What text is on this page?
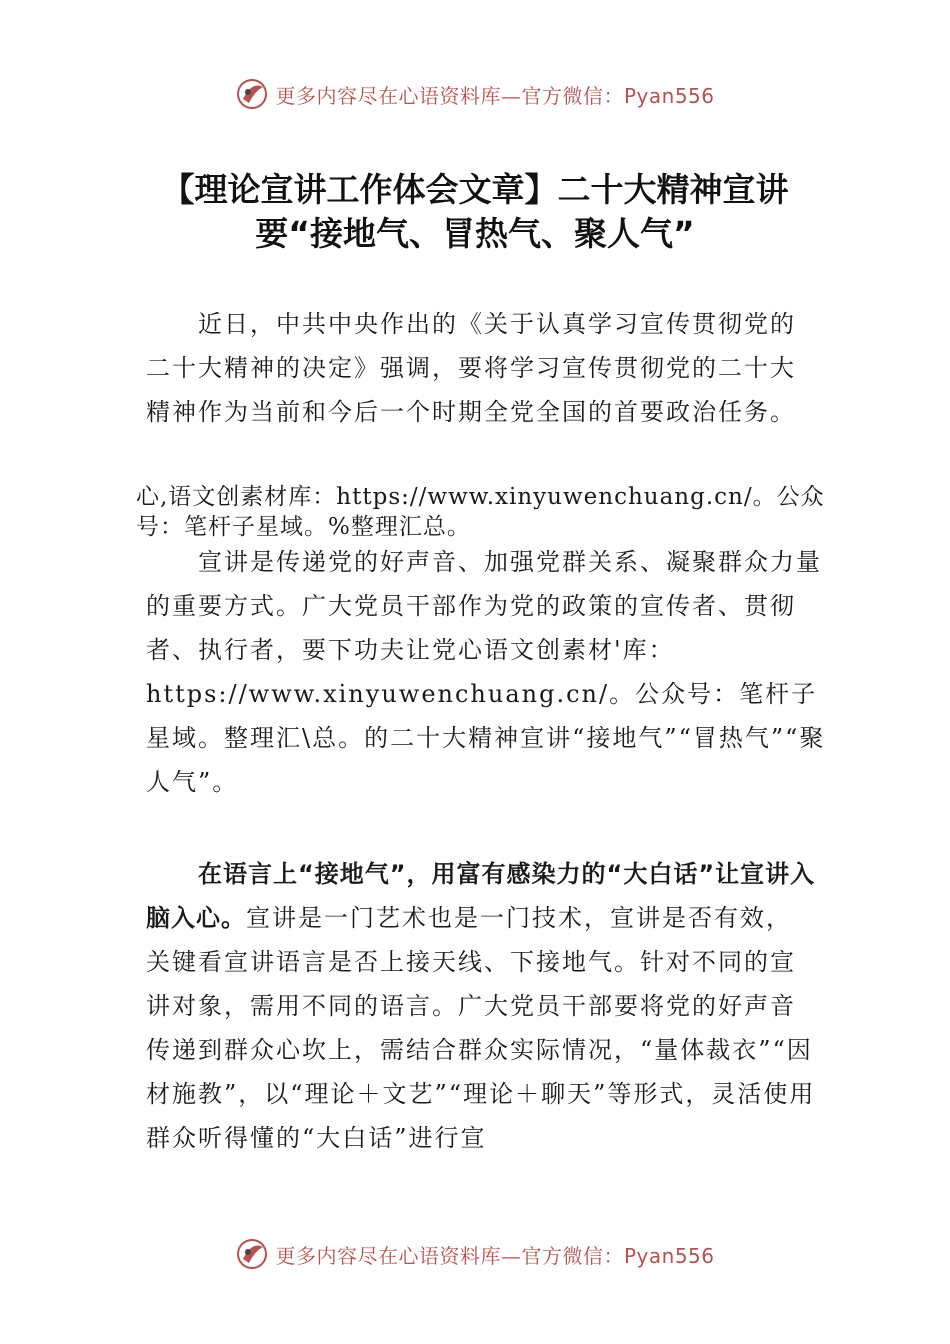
更多内容尽在心语资料库—官方微信：Pyan556
【理论宣讲工作体会文章】二十大精神宣讲
要“接地气、冒热气、聚人气”
近日，中共中央作出的《关于认真学习宣传贯彻党的二十大精神的决定》强调，要将学习宣传贯彻党的二十大精神作为当前和今后一个时期全党全国的首要政治任务。
心,语文创素材库：https://www.xinyuwenchuang.cn/。公众号：笔杆子星域。%整理汇总。
宣讲是传递党的好声音、加强党群关系、凝聚群众力量的重要方式。广大党员干部作为党的政策的宣传者、贯彻者、执行者，要下功夫让党心语文创素材'库：https://www.xinyuwenchuang.cn/。公众号：笔杆子星域。整理汇\总。的二十大精神宣讲“接地气”“冒热气”“聚人气”。
在语言上“接地气”，用富有感染力的“大白话”让宣讲入脑入心。宣讲是一门艺术也是一门技术，宣讲是否有效，关键看宣讲语言是否上接天线、下接地气。针对不同的宣讲对象，需用不同的语言。广大党员干部要将党的好声音传递到群众心坎上，需结合群众实际情况，“量体裁衣”“因材施教”，以“理论＋文艺”“理论＋聊天”等形式，灵活使用群众听得懂的“大白话”进行宣
更多内容尽在心语资料库—官方微信：Pyan556
